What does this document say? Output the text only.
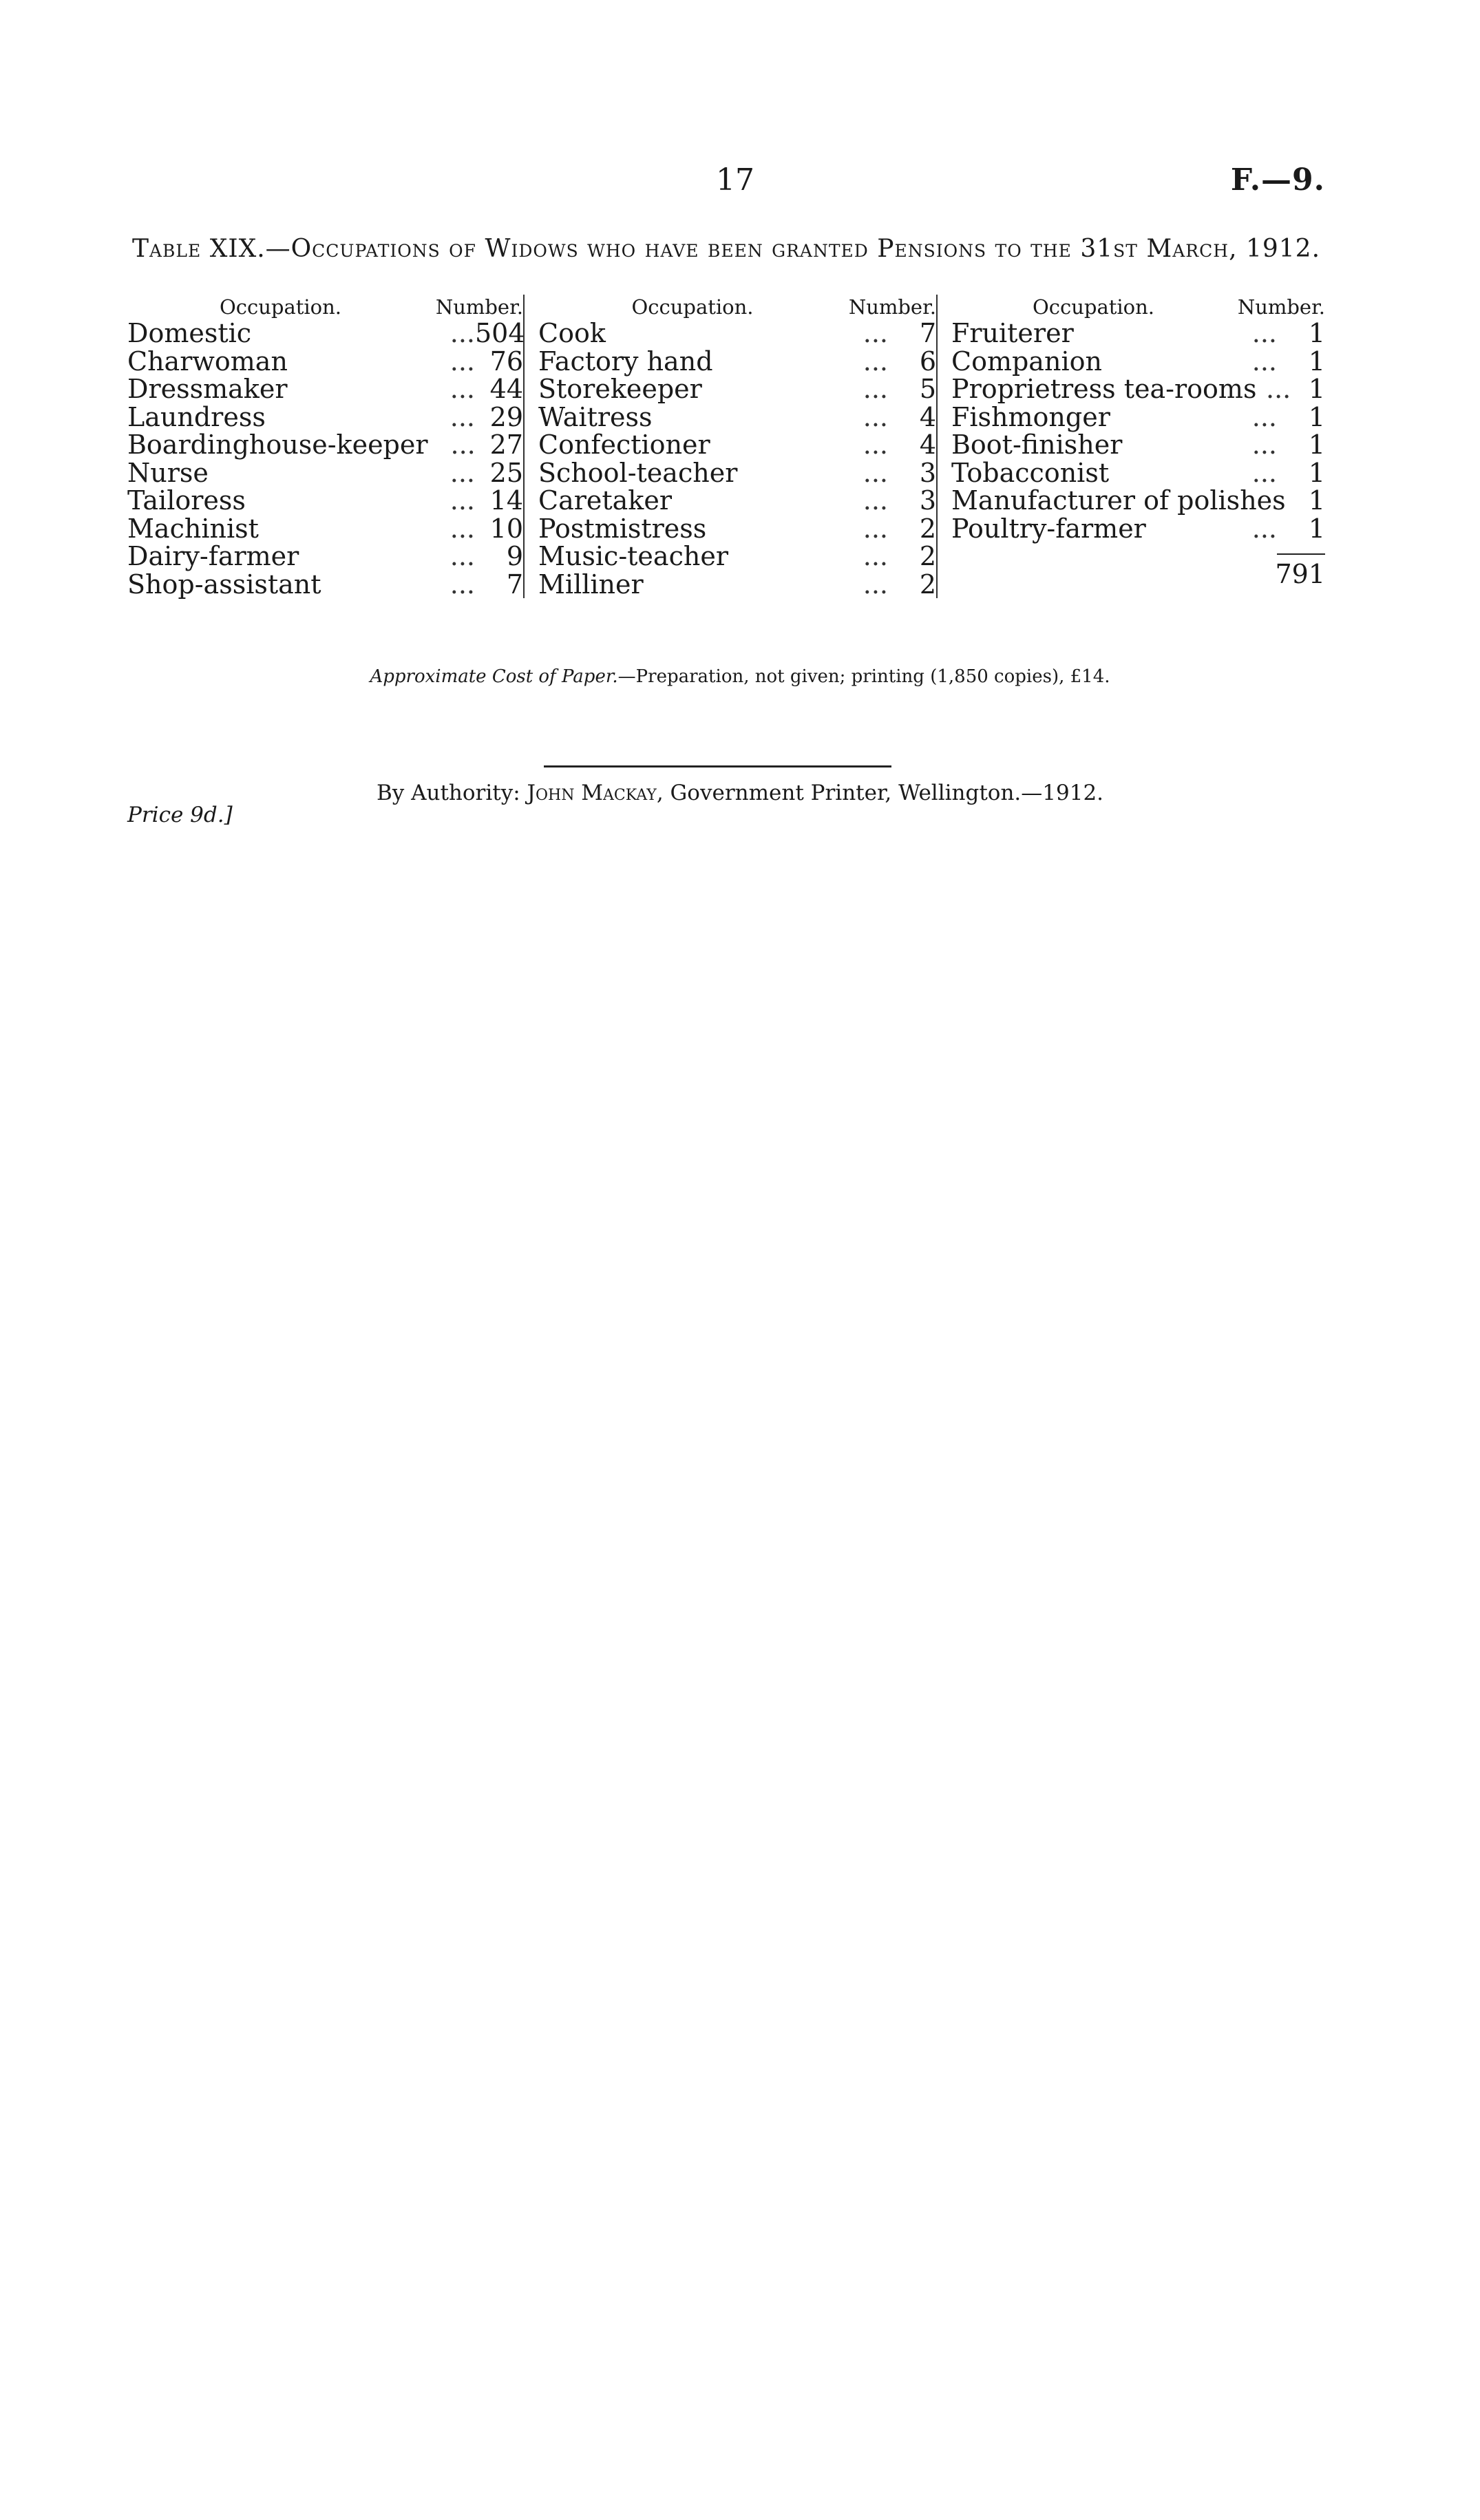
17	F.—9.
Table XIX.—Occupations of Widows who have been granted Pensions to the 31st March, 1912.
Occupation.	Number.
Domestic	... 504
Charwoman	... 76
Dressmaker	... 44
Laundress	... 29
Boardinghouse-keeper ... 27
Nurse	... 25
Tailoress	... 14
Machinist	... 10
Dairy-farmer	...	9
Shop-assistant	...	7
Occupation.	Number.
Cook	...	7
Factory hand	...	6
Storekeeper	...	5
Waitress	...	4
Confectioner	...	4
School-teacher	...	3
Caretaker	...	3
Postmistress	...	2
Music-teacher	...	2
Milliner	...	2
Occupation.	Number.
Fruiterer	...	1
Companion	...	1
Proprietress tea-rooms ... 1
Fishmonger	...	1
Boot-finisher	...	1
Tobacconist	...	1
Manufacturer of polishes 1
Poultry-farmer	...	1
791
Approximate Cost of Paper.—Preparation, not given; printing (1,850 copies), £14.
By Authority: John Mackay, Government Printer, Wellington.—1912.
Price 9d.]
